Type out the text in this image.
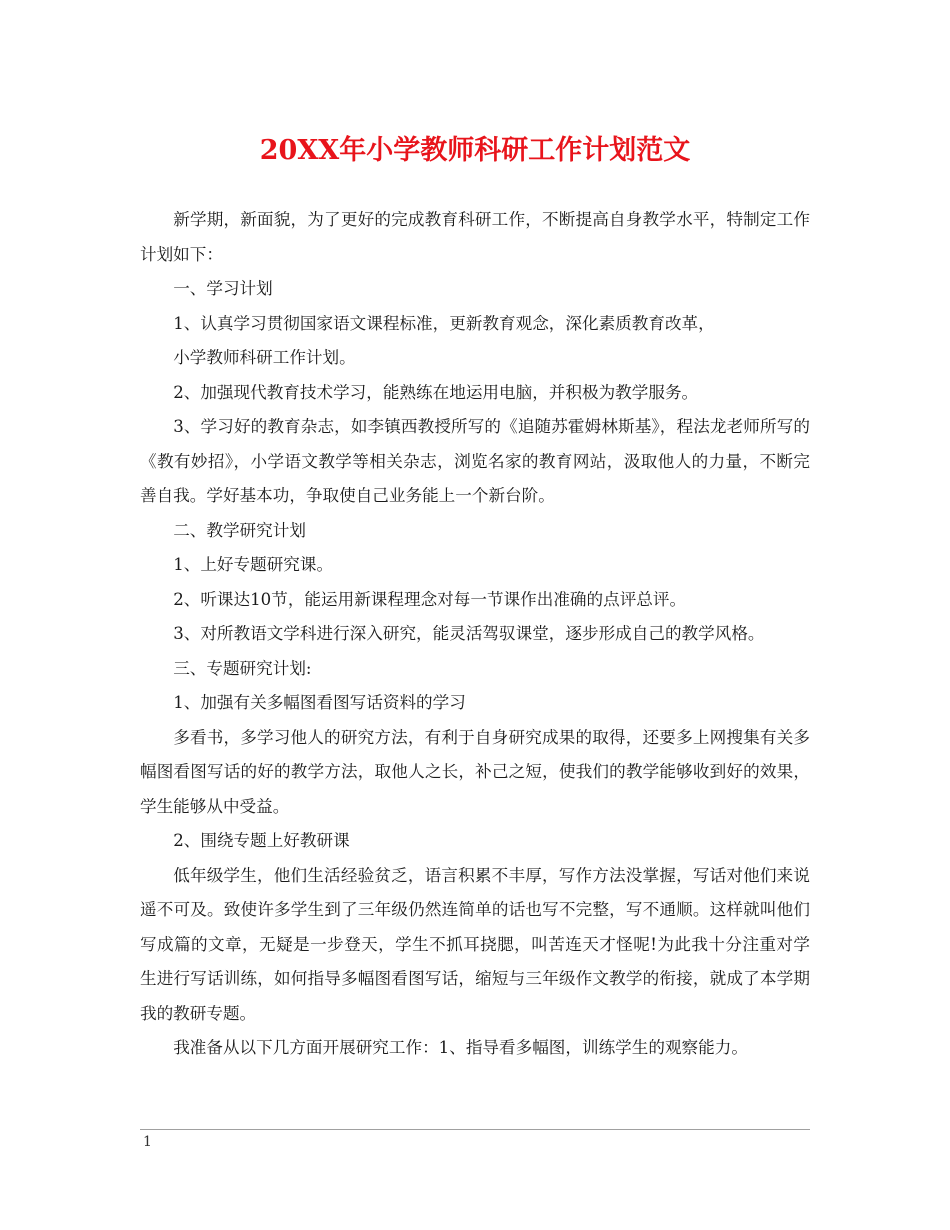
20XX年小学教师科研工作计划范文

新学期，新面貌，为了更好的完成教育科研工作，不断提高自身教学水平，特制定工作计划如下：

一、学习计划

1、认真学习贯彻国家语文课程标准，更新教育观念，深化素质教育改革，

小学教师科研工作计划。

2、加强现代教育技术学习，能熟练在地运用电脑，并积极为教学服务。

3、学习好的教育杂志，如李镇西教授所写的《追随苏霍姆林斯基》，程法龙老师所写的《教有妙招》，小学语文教学等相关杂志，浏览名家的教育网站，汲取他人的力量，不断完善自我。学好基本功，争取使自己业务能上一个新台阶。

二、教学研究计划

1、上好专题研究课。

2、听课达10节，能运用新课程理念对每一节课作出准确的点评总评。

3、对所教语文学科进行深入研究，能灵活驾驭课堂，逐步形成自己的教学风格。

三、专题研究计划:

1、加强有关多幅图看图写话资料的学习

多看书，多学习他人的研究方法，有利于自身研究成果的取得，还要多上网搜集有关多幅图看图写话的好的教学方法，取他人之长，补己之短，使我们的教学能够收到好的效果，学生能够从中受益。

2、围绕专题上好教研课

低年级学生，他们生活经验贫乏，语言积累不丰厚，写作方法没掌握，写话对他们来说遥不可及。致使许多学生到了三年级仍然连简单的话也写不完整，写不通顺。这样就叫他们写成篇的文章，无疑是一步登天，学生不抓耳挠腮，叫苦连天才怪呢!为此我十分注重对学生进行写话训练，如何指导多幅图看图写话，缩短与三年级作文教学的衔接，就成了本学期我的教研专题。

我准备从以下几方面开展研究工作：1、指导看多幅图，训练学生的观察能力。

1
